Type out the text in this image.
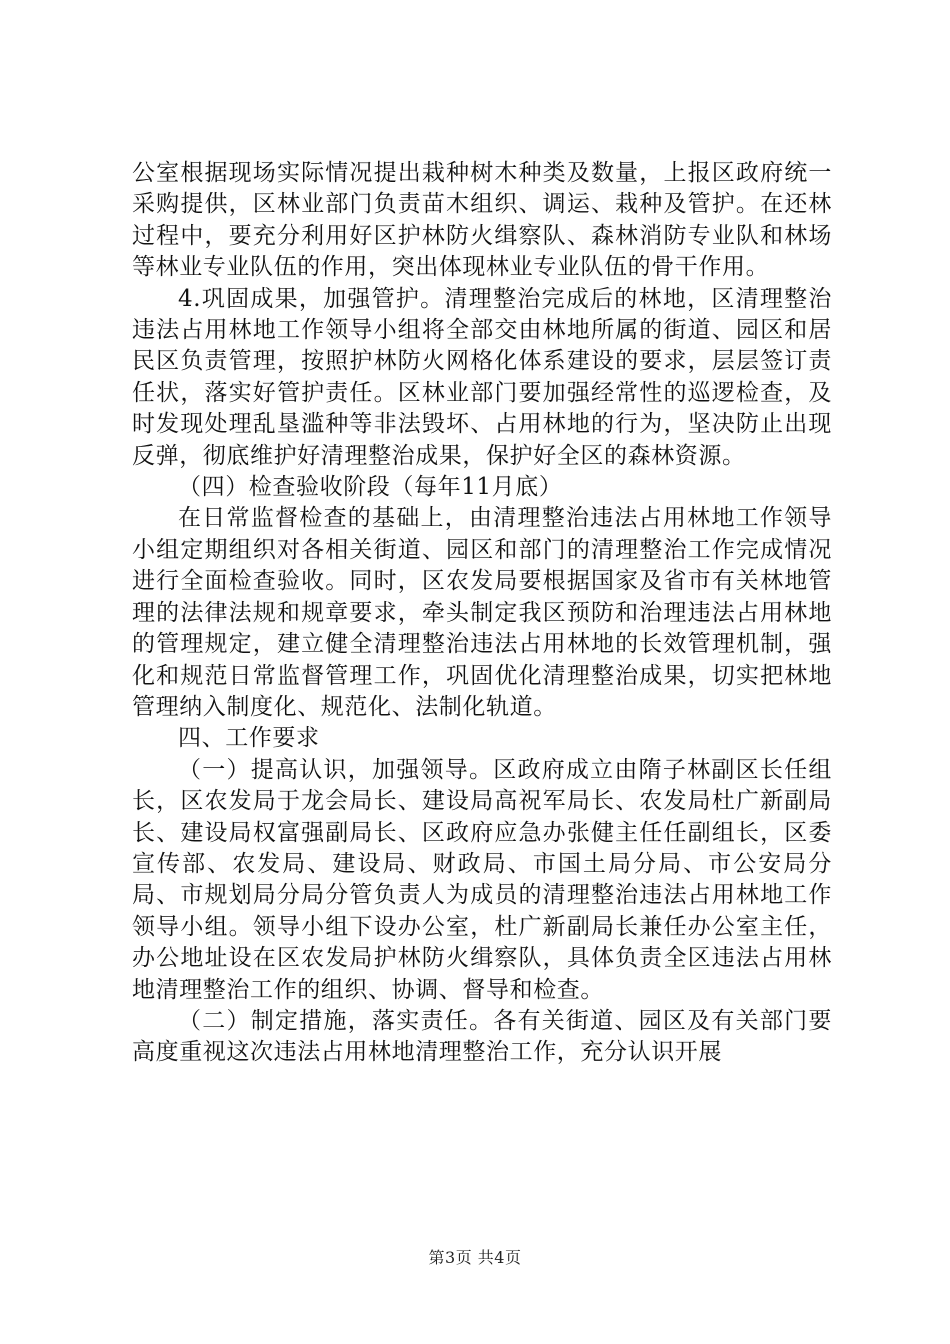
公室根据现场实际情况提出栽种树木种类及数量，上报区政府统一采购提供，区林业部门负责苗木组织、调运、栽种及管护。在还林过程中，要充分利用好区护林防火缉察队、森林消防专业队和林场等林业专业队伍的作用，突出体现林业专业队伍的骨干作用。

4.巩固成果，加强管护。清理整治完成后的林地，区清理整治违法占用林地工作领导小组将全部交由林地所属的街道、园区和居民区负责管理，按照护林防火网格化体系建设的要求，层层签订责任状，落实好管护责任。区林业部门要加强经常性的巡逻检查，及时发现处理乱垦滥种等非法毁坏、占用林地的行为，坚决防止出现反弹，彻底维护好清理整治成果，保护好全区的森林资源。

（四）检查验收阶段（每年11月底）

在日常监督检查的基础上，由清理整治违法占用林地工作领导小组定期组织对各相关街道、园区和部门的清理整治工作完成情况进行全面检查验收。同时，区农发局要根据国家及省市有关林地管理的法律法规和规章要求，牵头制定我区预防和治理违法占用林地的管理规定，建立健全清理整治违法占用林地的长效管理机制，强化和规范日常监督管理工作，巩固优化清理整治成果，切实把林地管理纳入制度化、规范化、法制化轨道。

四、工作要求

（一）提高认识，加强领导。区政府成立由隋子林副区长任组长，区农发局于龙会局长、建设局高祝军局长、农发局杜广新副局长、建设局权富强副局长、区政府应急办张健主任任副组长，区委宣传部、农发局、建设局、财政局、市国土局分局、市公安局分局、市规划局分局分管负责人为成员的清理整治违法占用林地工作领导小组。领导小组下设办公室，杜广新副局长兼任办公室主任，办公地址设在区农发局护林防火缉察队，具体负责全区违法占用林地清理整治工作的组织、协调、督导和检查。

（二）制定措施，落实责任。各有关街道、园区及有关部门要高度重视这次违法占用林地清理整治工作，充分认识开展

第3页 共4页
